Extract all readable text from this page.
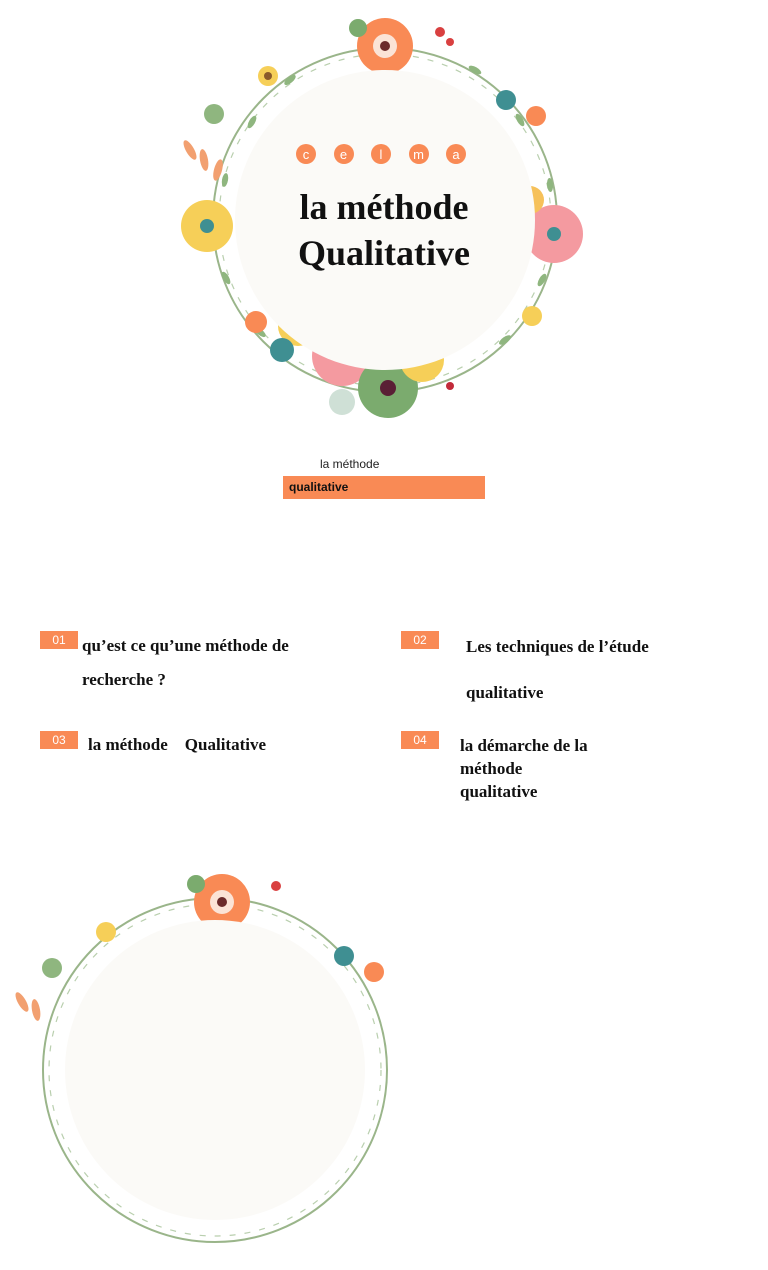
c	e	l	m	a
la méthode
Qualitative
la méthode
qualitative
01 qu’est ce qu’une méthode de
recherche ?
02	Les techniques de l’étude
qualitative
03	la méthode    Qualitative	04	la démarche de la
méthode
qualitative
